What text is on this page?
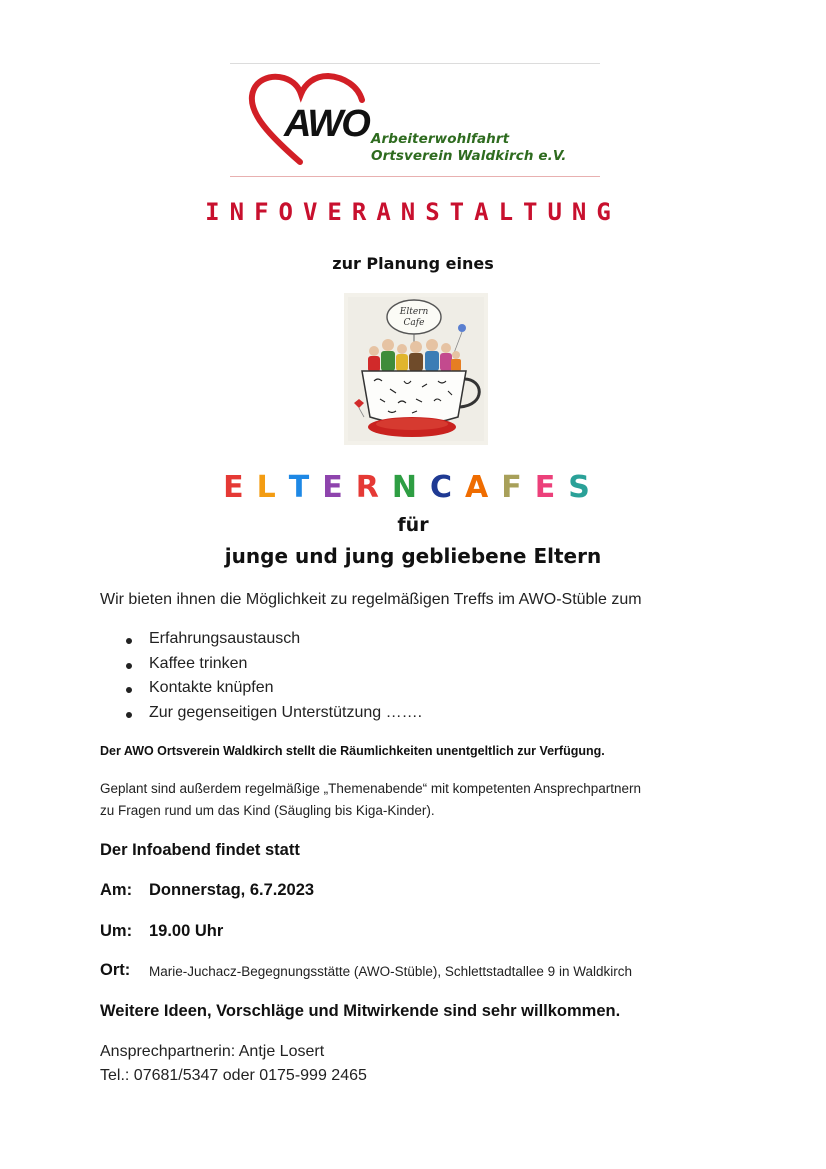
AWO Arbeiterwohlfahrt
Ortsverein Waldkirch e.V.
INFOVERANSTALTUNG
zur Planung eines
Eltern
Cafe
ELTERNCAFES
für
junge und jung gebliebene Eltern
Wir bieten ihnen die Möglichkeit zu regelmäßigen Treffs im AWO-Stüble zum
Erfahrungsaustausch
Kaffee trinken
Kontakte knüpfen
Zur gegenseitigen Unterstützung …….
Der AWO Ortsverein Waldkirch stellt die Räumlichkeiten unentgeltlich zur Verfügung.
Geplant sind außerdem regelmäßige „Themenabende“ mit kompetenten Ansprechpartnern
zu Fragen rund um das Kind (Säugling bis Kiga-Kinder).
Der Infoabend findet statt
Am: Donnerstag, 6.7.2023
Um: 19.00 Uhr
Ort: Marie-Juchacz-Begegnungsstätte (AWO-Stüble), Schlettstadtallee 9 in Waldkirch
Weitere Ideen, Vorschläge und Mitwirkende sind sehr willkommen.
Ansprechpartnerin: Antje Losert
Tel.: 07681/5347 oder 0175-999 2465
